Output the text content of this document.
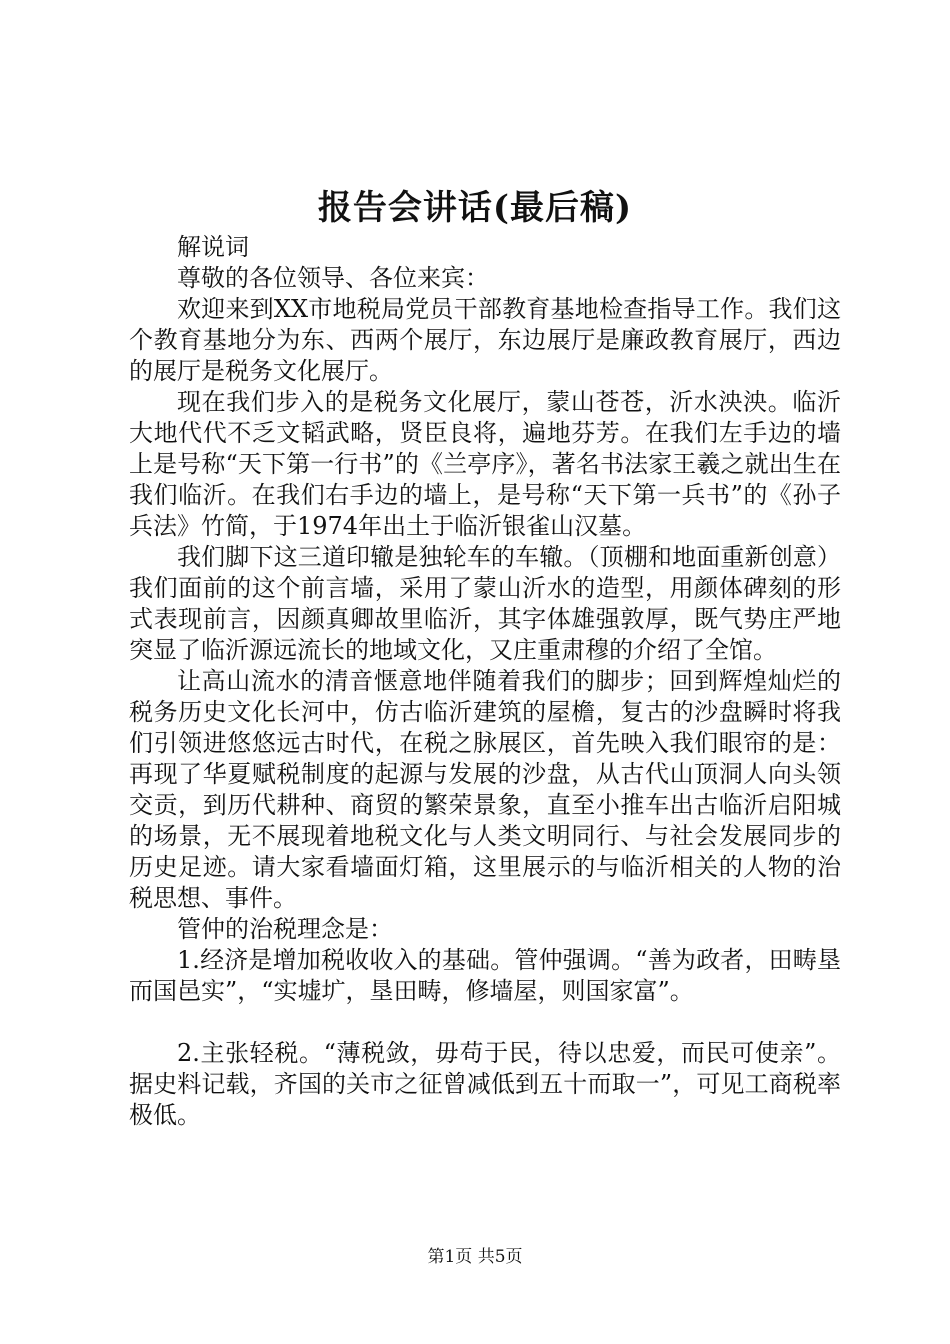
报告会讲话(最后稿)

解说词

尊敬的各位领导、各位来宾：

欢迎来到XX市地税局党员干部教育基地检查指导工作。我们这个教育基地分为东、西两个展厅，东边展厅是廉政教育展厅，西边的展厅是税务文化展厅。

现在我们步入的是税务文化展厅，蒙山苍苍，沂水泱泱。临沂大地代代不乏文韬武略，贤臣良将，遍地芬芳。在我们左手边的墙上是号称“天下第一行书”的《兰亭序》，著名书法家王羲之就出生在我们临沂。在我们右手边的墙上，是号称“天下第一兵书”的《孙子兵法》竹简，于1974年出土于临沂银雀山汉墓。

我们脚下这三道印辙是独轮车的车辙。（顶棚和地面重新创意）我们面前的这个前言墙，采用了蒙山沂水的造型，用颜体碑刻的形式表现前言，因颜真卿故里临沂，其字体雄强敦厚，既气势庄严地突显了临沂源远流长的地域文化，又庄重肃穆的介绍了全馆。

让高山流水的清音惬意地伴随着我们的脚步；回到辉煌灿烂的税务历史文化长河中，仿古临沂建筑的屋檐，复古的沙盘瞬时将我们引领进悠悠远古时代，在税之脉展区，首先映入我们眼帘的是：再现了华夏赋税制度的起源与发展的沙盘，从古代山顶洞人向头领交贡，到历代耕种、商贸的繁荣景象，直至小推车出古临沂启阳城的场景，无不展现着地税文化与人类文明同行、与社会发展同步的历史足迹。请大家看墙面灯箱，这里展示的与临沂相关的人物的治税思想、事件。

管仲的治税理念是：

1.经济是增加税收收入的基础。管仲强调。“善为政者，田畴垦而国邑实”，“实墟圹，垦田畴，修墙屋，则国家富”。

2.主张轻税。“薄税敛，毋苟于民，待以忠爱，而民可使亲”。据史料记载，齐国的关市之征曾减低到五十而取一”，可见工商税率极低。

第1页 共5页
